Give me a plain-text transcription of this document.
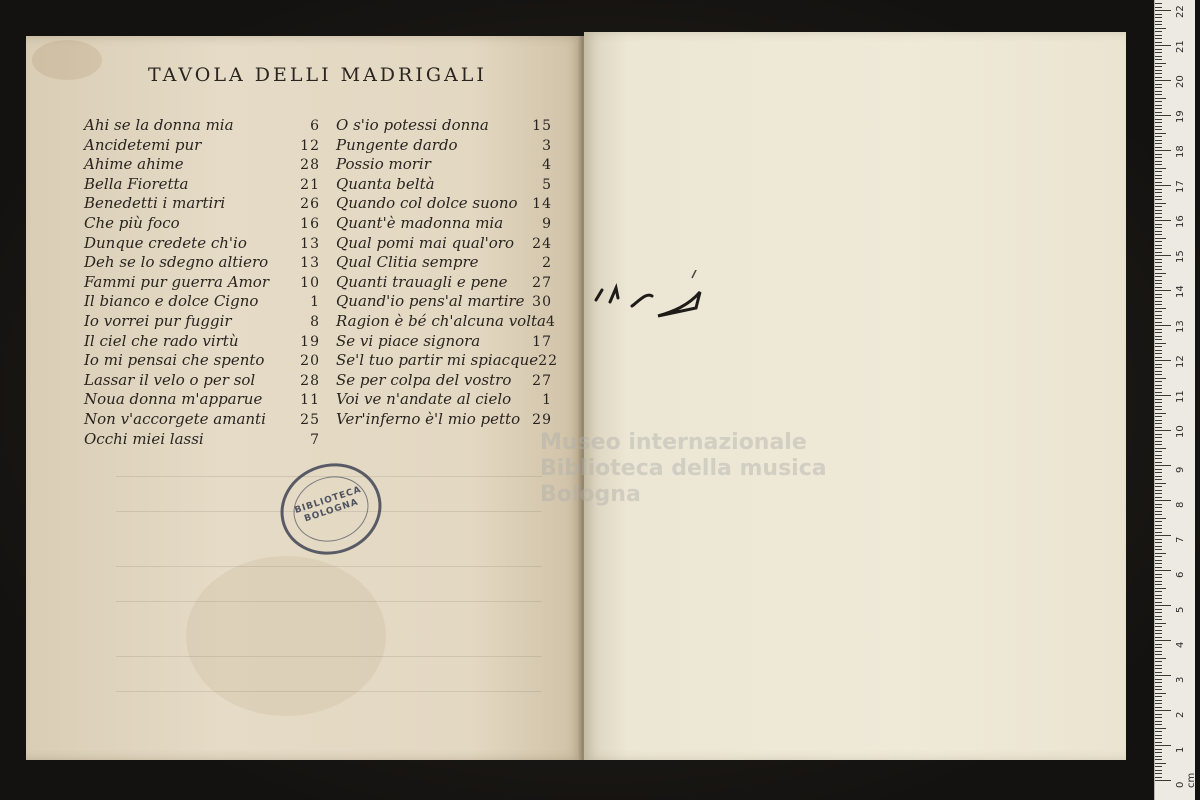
TAVOLA DELLI MADRIGALI
Ahi se la donna mia	6
Ancidetemi pur	12
Ahime ahime	28
Bella Fioretta	21
Benedetti i martiri	26
Che più foco	16
Dunque credete ch'io	13
Deh se lo sdegno altiero 13
Fammi pur guerra Amor 10
Il bianco e dolce Cigno	1
Io vorrei pur fuggir	8
Il ciel che rado virtù	19
Io mi pensai che spento	20
Lassar il velo o per sol	28
Noua donna m'apparue	11
Non v'accorgete amanti 25
Occhi miei lassi	7
O s'io potessi donna	15
Pungente dardo	3
Possio morir	4
Quanta beltà	5
Quando col dolce suono 14
Quant'è madonna mia	9
Qual pomi mai qual'oro 24
Qual Clitia sempre	2
Quanti trauagli e pene 27
Quand'io pens'al martire 30
Ragion è bé ch'alcuna volta 4
Se vi piace signora	17
Se'l tuo partir mi spiacque 22
Se per colpa del vostro 27
Voi ve n'andate al cielo 1
Ver'inferno è'l mio petto 29
BIBLIOTECA BOLOGNA

Museo internazionale
Biblioteca della musica
Bologna

22
21
20
19
18
17
16
15
14
13
12
11
10
9
8
7
6
5
4
3
2
1
0 cm
